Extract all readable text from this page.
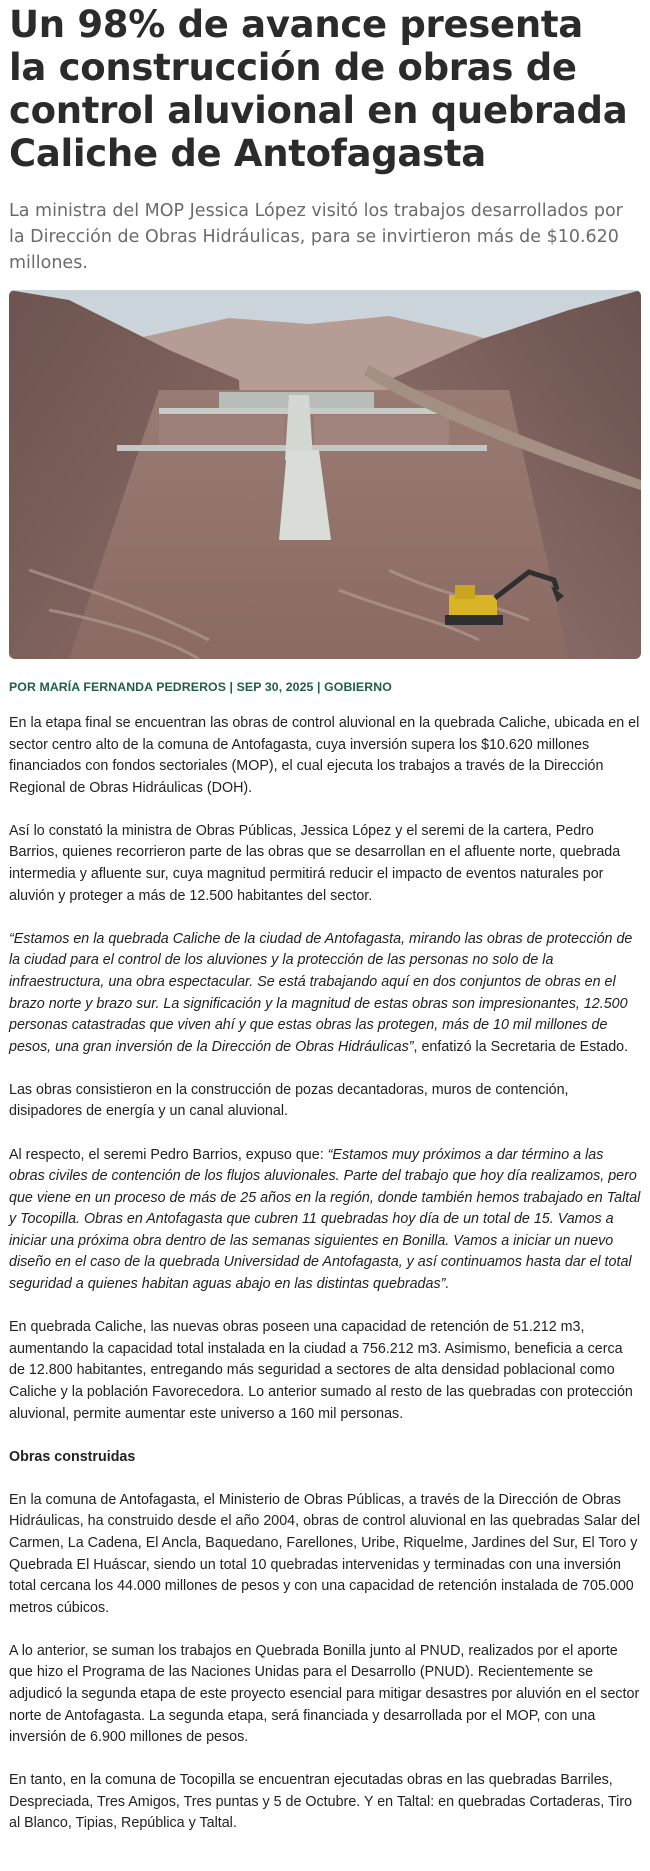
Un 98% de avance presenta la construcción de obras de control aluvional en quebrada Caliche de Antofagasta

La ministra del MOP Jessica López visitó los trabajos desarrollados por la Dirección de Obras Hidráulicas, para se invirtieron más de $10.620 millones.

POR MARÍA FERNANDA PEDREROS | SEP 30, 2025 | GOBIERNO

En la etapa final se encuentran las obras de control aluvional en la quebrada Caliche, ubicada en el sector centro alto de la comuna de Antofagasta, cuya inversión supera los $10.620 millones financiados con fondos sectoriales (MOP), el cual ejecuta los trabajos a través de la Dirección Regional de Obras Hidráulicas (DOH).

Así lo constató la ministra de Obras Públicas, Jessica López y el seremi de la cartera, Pedro Barrios, quienes recorrieron parte de las obras que se desarrollan en el afluente norte, quebrada intermedia y afluente sur, cuya magnitud permitirá reducir el impacto de eventos naturales por aluvión y proteger a más de 12.500 habitantes del sector.

“Estamos en la quebrada Caliche de la ciudad de Antofagasta, mirando las obras de protección de la ciudad para el control de los aluviones y la protección de las personas no solo de la infraestructura, una obra espectacular. Se está trabajando aquí en dos conjuntos de obras en el brazo norte y brazo sur. La significación y la magnitud de estas obras son impresionantes, 12.500 personas catastradas que viven ahí y que estas obras las protegen, más de 10 mil millones de pesos, una gran inversión de la Dirección de Obras Hidráulicas”, enfatizó la Secretaria de Estado.

Las obras consistieron en la construcción de pozas decantadoras, muros de contención, disipadores de energía y un canal aluvional.

Al respecto, el seremi Pedro Barrios, expuso que: “Estamos muy próximos a dar término a las obras civiles de contención de los flujos aluvionales. Parte del trabajo que hoy día realizamos, pero que viene en un proceso de más de 25 años en la región, donde también hemos trabajado en Taltal y Tocopilla. Obras en Antofagasta que cubren 11 quebradas hoy día de un total de 15. Vamos a iniciar una próxima obra dentro de las semanas siguientes en Bonilla. Vamos a iniciar un nuevo diseño en el caso de la quebrada Universidad de Antofagasta, y así continuamos hasta dar el total seguridad a quienes habitan aguas abajo en las distintas quebradas”.

En quebrada Caliche, las nuevas obras poseen una capacidad de retención de 51.212 m3, aumentando la capacidad total instalada en la ciudad a 756.212 m3. Asimismo, beneficia a cerca de 12.800 habitantes, entregando más seguridad a sectores de alta densidad poblacional como Caliche y la población Favorecedora. Lo anterior sumado al resto de las quebradas con protección aluvional, permite aumentar este universo a 160 mil personas.

Obras construidas

En la comuna de Antofagasta, el Ministerio de Obras Públicas, a través de la Dirección de Obras Hidráulicas, ha construido desde el año 2004, obras de control aluvional en las quebradas Salar del Carmen, La Cadena, El Ancla, Baquedano, Farellones, Uribe, Riquelme, Jardines del Sur, El Toro y Quebrada El Huáscar, siendo un total 10 quebradas intervenidas y terminadas con una inversión total cercana los 44.000 millones de pesos y con una capacidad de retención instalada de 705.000 metros cúbicos.

A lo anterior, se suman los trabajos en Quebrada Bonilla junto al PNUD, realizados por el aporte que hizo el Programa de las Naciones Unidas para el Desarrollo (PNUD). Recientemente se adjudicó la segunda etapa de este proyecto esencial para mitigar desastres por aluvión en el sector norte de Antofagasta. La segunda etapa, será financiada y desarrollada por el MOP, con una inversión de 6.900 millones de pesos.

En tanto, en la comuna de Tocopilla se encuentran ejecutadas obras en las quebradas Barriles, Despreciada, Tres Amigos, Tres puntas y 5 de Octubre. Y en Taltal: en quebradas Cortaderas, Tiro al Blanco, Tipias, República y Taltal.
